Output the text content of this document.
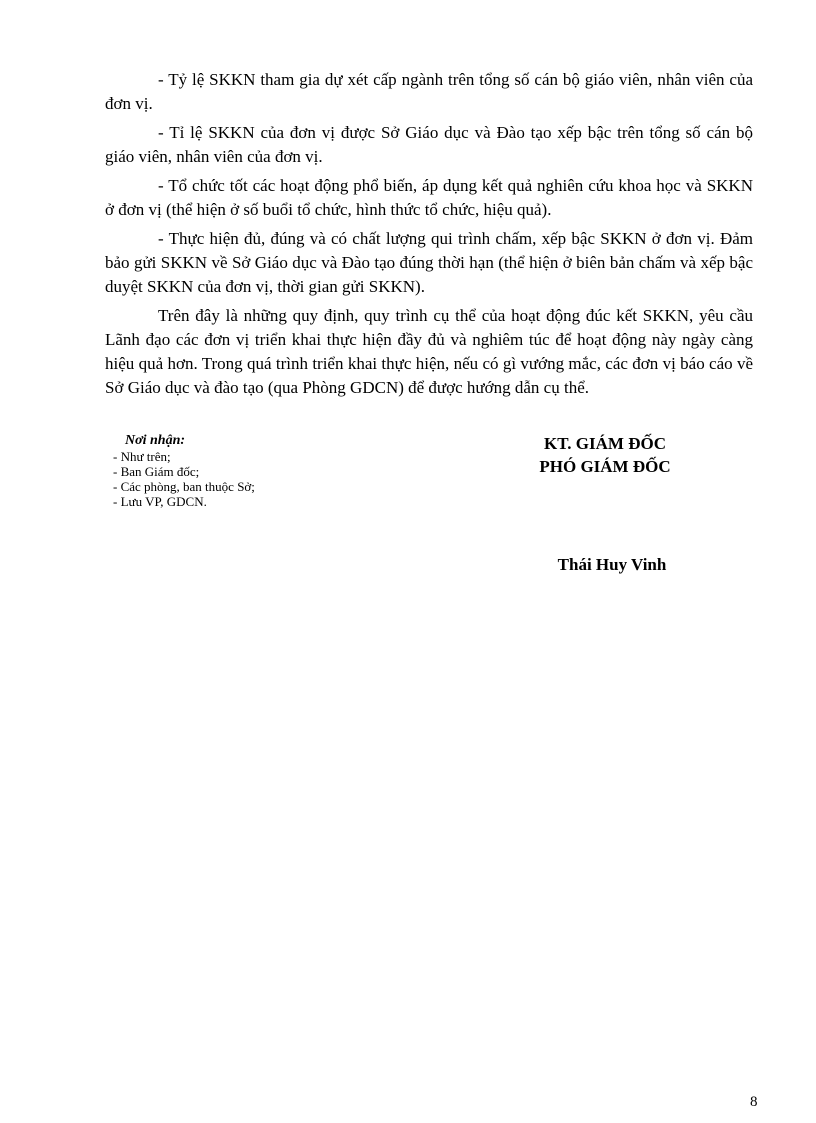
- Tỷ lệ SKKN tham gia dự xét cấp ngành trên tổng số cán bộ giáo viên, nhân viên của đơn vị.

- Tỉ lệ SKKN của đơn vị được Sở Giáo dục và Đào tạo xếp bậc trên tổng số cán bộ giáo viên, nhân viên của đơn vị.

- Tổ chức tốt các hoạt động phổ biến, áp dụng kết quả nghiên cứu khoa học và SKKN ở đơn vị (thể hiện ở số buổi tổ chức, hình thức tổ chức, hiệu quả).

- Thực hiện đủ, đúng và có chất lượng qui trình chấm, xếp bậc SKKN ở đơn vị. Đảm bảo gửi SKKN về Sở Giáo dục và Đào tạo đúng thời hạn (thể hiện ở biên bản chấm và xếp bậc duyệt SKKN của đơn vị, thời gian gửi SKKN).

Trên đây là những quy định, quy trình cụ thể của hoạt động đúc kết SKKN, yêu cầu Lãnh đạo các đơn vị triển khai thực hiện đầy đủ và nghiêm túc để hoạt động này ngày càng hiệu quả hơn. Trong quá trình triển khai thực hiện, nếu có gì vướng mắc, các đơn vị báo cáo về Sở Giáo dục và đào tạo (qua Phòng GDCN) để được hướng dẫn cụ thể.

Nơi nhận:
- Như trên;
- Ban Giám đốc;
- Các phòng, ban thuộc Sở;
- Lưu VP, GDCN.
KT. GIÁM ĐỐC
PHÓ GIÁM ĐỐC
Thái Huy Vinh
8
